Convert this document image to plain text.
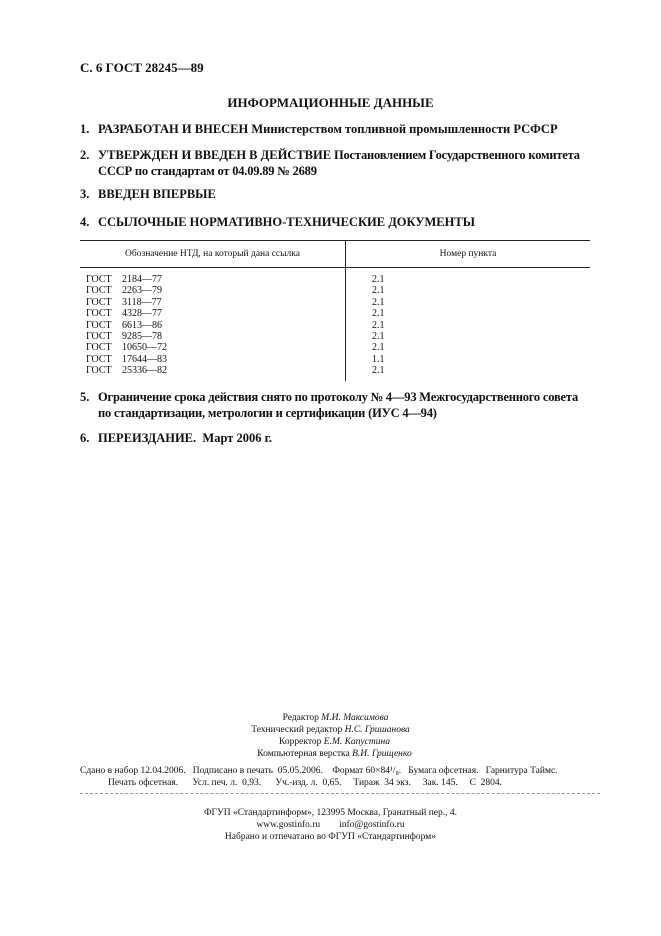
С. 6 ГОСТ 28245—89
ИНФОРМАЦИОННЫЕ ДАННЫЕ
1. РАЗРАБОТАН И ВНЕСЕН Министерством топливной промышленности РСФСР
2. УТВЕРЖДЕН И ВВЕДЕН В ДЕЙСТВИЕ Постановлением Государственного комитета СССР по стандартам от 04.09.89 № 2689
3. ВВЕДЕН ВПЕРВЫЕ
4. ССЫЛОЧНЫЕ НОРМАТИВНО-ТЕХНИЧЕСКИЕ ДОКУМЕНТЫ
Обозначение НТД, на который дана ссылка	Номер пункта
ГОСТ 2184—77	2.1
ГОСТ 2263—79	2.1
ГОСТ 3118—77	2.1
ГОСТ 4328—77	2.1
ГОСТ 6613—86	2.1
ГОСТ 9285—78	2.1
ГОСТ 10650—72	2.1
ГОСТ 17644—83	1.1
ГОСТ 25336—82	2.1
5. Ограничение срока действия снято по протоколу № 4—93 Межгосударственного совета по стандартизации, метрологии и сертификации (ИУС 4—94)
6. ПЕРЕИЗДАНИЕ.  Март 2006 г.
Редактор М.И. Максимова
Технический редактор Н.С. Гришанова
Корректор Е.М. Капустина
Компьютерная верстка В.И. Грищенко
Сдано в набор 12.04.2006.   Подписано в печать  05.05.2006.    Формат 60×84¹/₈.   Бумага офсетная.   Гарнитура Таймс.
Печать офсетная.      Усл. печ. л.  0,93.      Уч.-изд. л.  0,65.     Тираж  34 экз.     Зак. 145.     С  2804.
ФГУП «Стандартинформ», 123995 Москва, Гранатный пер., 4.
www.gostinfo.ru        info@gostinfo.ru
Набрано и отпечатано во ФГУП «Стандартинформ»
